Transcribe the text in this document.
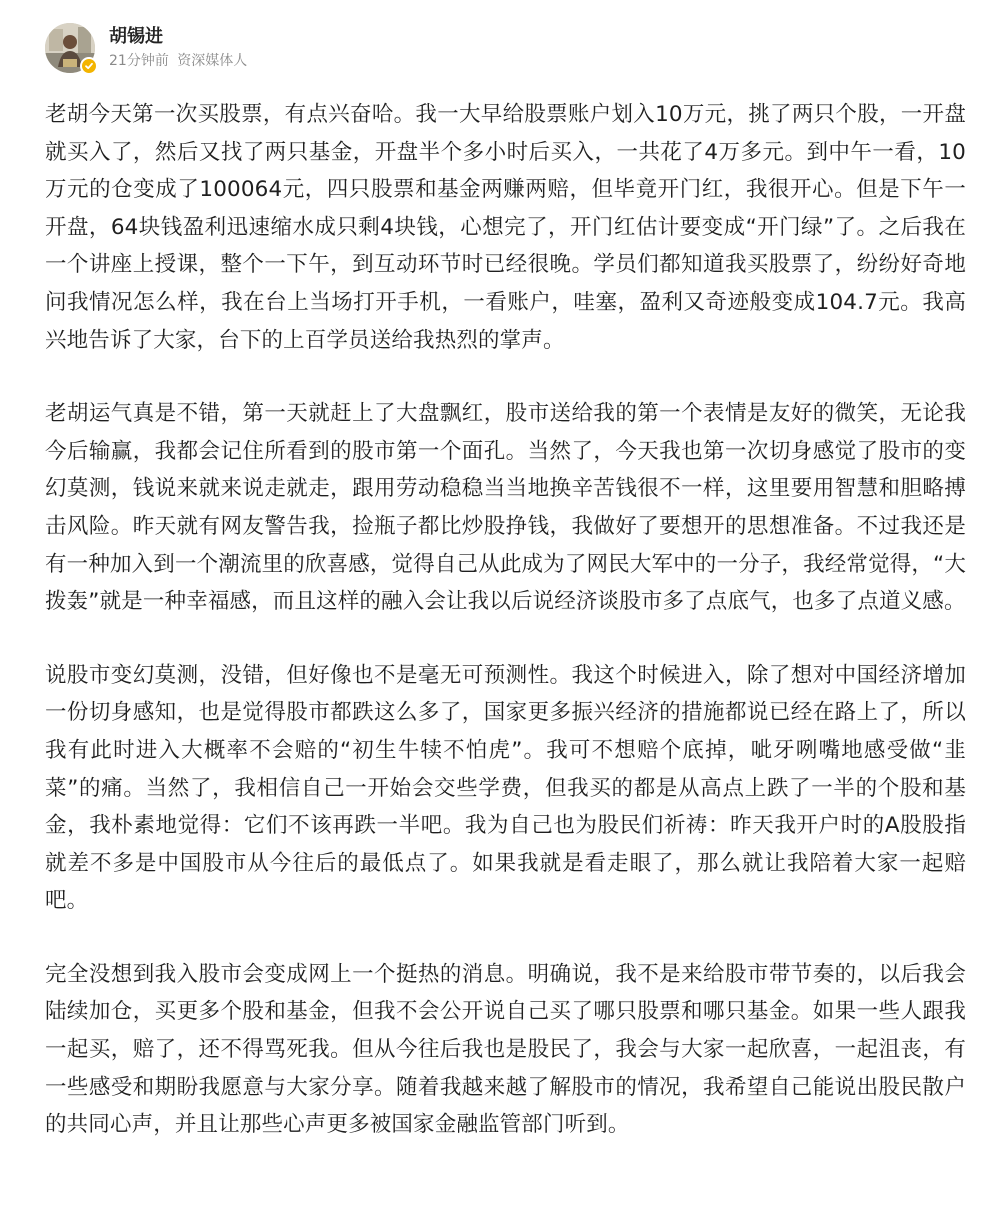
胡锡进
21分钟前 资深媒体人

老胡今天第一次买股票，有点兴奋哈。我一大早给股票账户划入10万元，挑了两只个股，一开盘就买入了，然后又找了两只基金，开盘半个多小时后买入，一共花了4万多元。到中午一看，10万元的仓变成了100064元，四只股票和基金两赚两赔，但毕竟开门红，我很开心。但是下午一开盘，64块钱盈利迅速缩水成只剩4块钱，心想完了，开门红估计要变成“开门绿”了。之后我在一个讲座上授课，整个一下午，到互动环节时已经很晚。学员们都知道我买股票了，纷纷好奇地问我情况怎么样，我在台上当场打开手机，一看账户，哇塞，盈利又奇迹般变成104.7元。我高兴地告诉了大家，台下的上百学员送给我热烈的掌声。

老胡运气真是不错，第一天就赶上了大盘飘红，股市送给我的第一个表情是友好的微笑，无论我今后输赢，我都会记住所看到的股市第一个面孔。当然了，今天我也第一次切身感觉了股市的变幻莫测，钱说来就来说走就走，跟用劳动稳稳当当地换辛苦钱很不一样，这里要用智慧和胆略搏击风险。昨天就有网友警告我，捡瓶子都比炒股挣钱，我做好了要想开的思想准备。不过我还是有一种加入到一个潮流里的欣喜感，觉得自己从此成为了网民大军中的一分子，我经常觉得，“大拨轰”就是一种幸福感，而且这样的融入会让我以后说经济谈股市多了点底气，也多了点道义感。

说股市变幻莫测，没错，但好像也不是毫无可预测性。我这个时候进入，除了想对中国经济增加一份切身感知，也是觉得股市都跌这么多了，国家更多振兴经济的措施都说已经在路上了，所以我有此时进入大概率不会赔的“初生牛犊不怕虎”。我可不想赔个底掉，呲牙咧嘴地感受做“韭菜”的痛。当然了，我相信自己一开始会交些学费，但我买的都是从高点上跌了一半的个股和基金，我朴素地觉得：它们不该再跌一半吧。我为自己也为股民们祈祷：昨天我开户时的A股股指就差不多是中国股市从今往后的最低点了。如果我就是看走眼了，那么就让我陪着大家一起赔吧。

完全没想到我入股市会变成网上一个挺热的消息。明确说，我不是来给股市带节奏的，以后我会陆续加仓，买更多个股和基金，但我不会公开说自己买了哪只股票和哪只基金。如果一些人跟我一起买，赔了，还不得骂死我。但从今往后我也是股民了，我会与大家一起欣喜，一起沮丧，有一些感受和期盼我愿意与大家分享。随着我越来越了解股市的情况，我希望自己能说出股民散户的共同心声，并且让那些心声更多被国家金融监管部门听到。
